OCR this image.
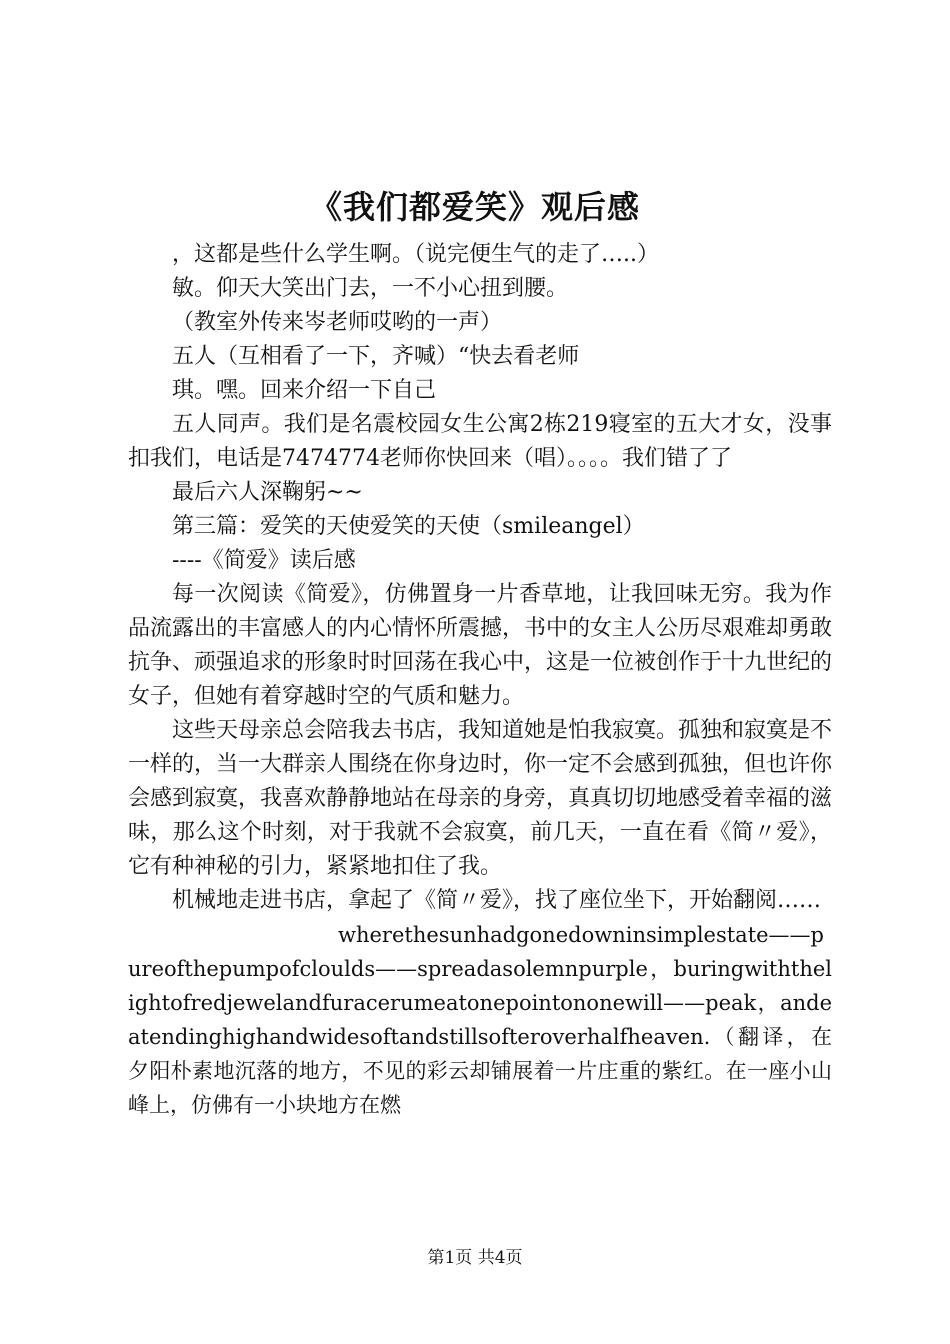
《我们都爱笑》观后感

，这都是些什么学生啊。（说完便生气的走了…..）

敏。仰天大笑出门去，一不小心扭到腰。

（教室外传来岑老师哎哟的一声）

五人（互相看了一下，齐喊）“快去看老师

琪。嘿。回来介绍一下自己

五人同声。我们是名震校园女生公寓2栋219寝室的五大才女，没事扣我们，电话是7474774老师你快回来（唱）。。。。我们错了了

最后六人深鞠躬~~

第三篇：爱笑的天使爱笑的天使（smileangel）

----《简爱》读后感

每一次阅读《简爱》，仿佛置身一片香草地，让我回味无穷。我为作品流露出的丰富感人的内心情怀所震撼，书中的女主人公历尽艰难却勇敢抗争、顽强追求的形象时时回荡在我心中，这是一位被创作于十九世纪的女子，但她有着穿越时空的气质和魅力。

这些天母亲总会陪我去书店，我知道她是怕我寂寞。孤独和寂寞是不一样的，当一大群亲人围绕在你身边时，你一定不会感到孤独，但也许你会感到寂寞，我喜欢静静地站在母亲的身旁，真真切切地感受着幸福的滋味，那么这个时刻，对于我就不会寂寞，前几天，一直在看《简〃爱》，它有种神秘的引力，紧紧地扣住了我。

机械地走进书店，拿起了《简〃爱》，找了座位坐下，开始翻阅……

wherethesunhadgonedowninsimplestate——pureofthepumpofcloulds——spreadasolemnpurple，buringwiththelightofredjewelandfuracerumeatonepointononewill——peak，andeatendinghighandwidesoftandstillsofteroverhalfheaven.（翻译，在夕阳朴素地沉落的地方，不见的彩云却铺展着一片庄重的紫红。在一座小山峰上，仿佛有一小块地方在燃

第1页 共4页
